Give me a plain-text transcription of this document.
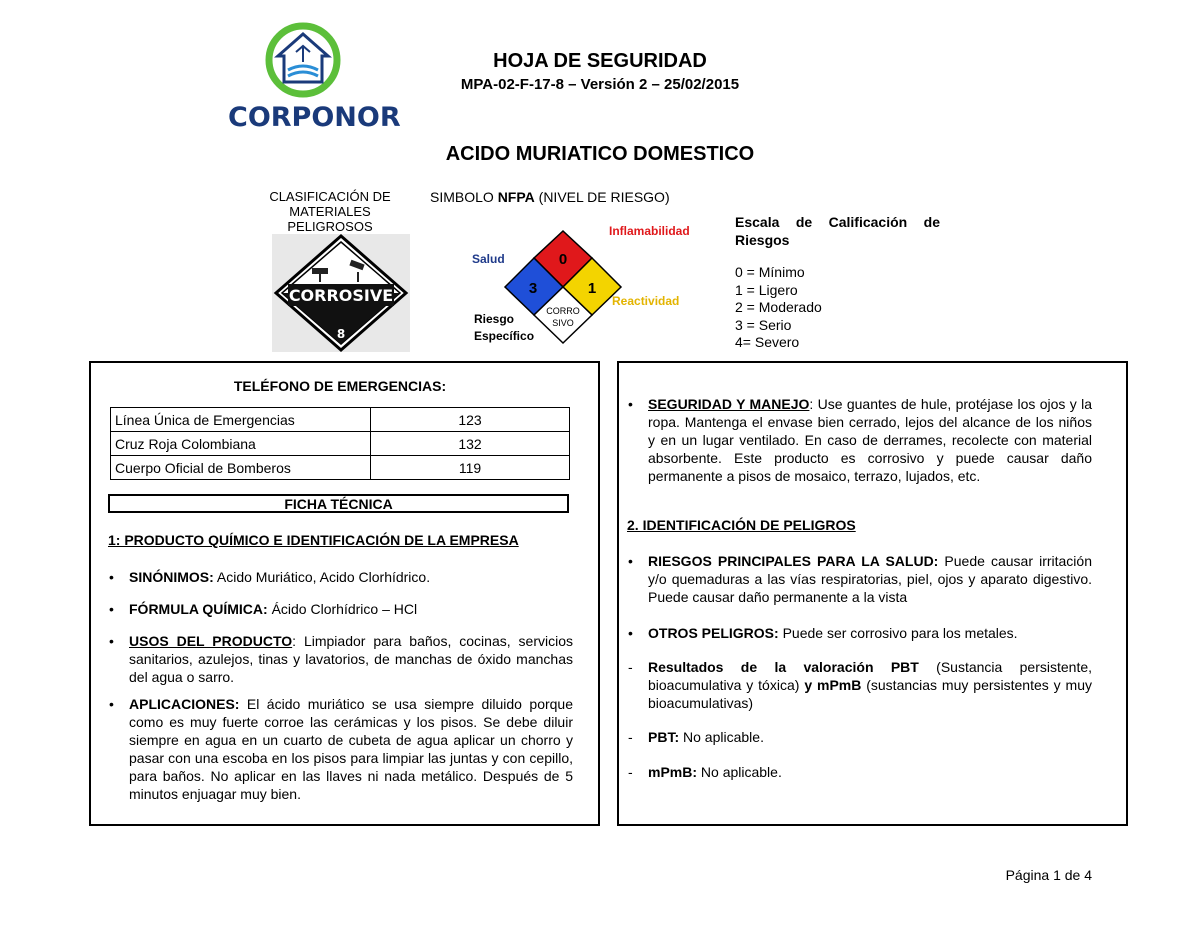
CORPONOR
HOJA DE SEGURIDAD
MPA-02-F-17-8 – Versión 2 – 25/02/2015
ACIDO MURIATICO DOMESTICO
CLASIFICACIÓN DE MATERIALES PELIGROSOS
CORROSIVE
8
SIMBOLO NFPA (NIVEL DE RIESGO)
0
3	1
CORRO
SIVO
Inflamabilidad
Salud
Reactividad
Riesgo
Específico
Escala de Calificación de Riesgos
0 = Mínimo
1 = Ligero
2 = Moderado
3 = Serio
4= Severo
TELÉFONO DE EMERGENCIAS:
Línea Única de Emergencias	123
Cruz Roja Colombiana	132
Cuerpo Oficial de Bomberos	119
FICHA TÉCNICA
1: PRODUCTO QUÍMICO E IDENTIFICACIÓN DE LA EMPRESA
• SINÓNIMOS: Acido Muriático, Acido Clorhídrico.
• FÓRMULA QUÍMICA: Ácido Clorhídrico – HCl
• USOS DEL PRODUCTO: Limpiador para baños, cocinas, servicios sanitarios, azulejos, tinas y lavatorios, de manchas de óxido manchas del agua o sarro.
• APLICACIONES: El ácido muriático se usa siempre diluido porque como es muy fuerte corroe las cerámicas y los pisos. Se debe diluir siempre en agua en un cuarto de cubeta de agua aplicar un chorro y pasar con una escoba en los pisos para limpiar las juntas y con cepillo, para baños. No aplicar en las llaves ni nada metálico. Después de 5 minutos enjuagar muy bien.
• SEGURIDAD Y MANEJO: Use guantes de hule, protéjase los ojos y la ropa. Mantenga el envase bien cerrado, lejos del alcance de los niños y en un lugar ventilado. En caso de derrames, recolecte con material absorbente. Este producto es corrosivo y puede causar daño permanente a pisos de mosaico, terrazo, lujados, etc.
2. IDENTIFICACIÓN DE PELIGROS
• RIESGOS PRINCIPALES PARA LA SALUD: Puede causar irritación y/o quemaduras a las vías respiratorias, piel, ojos y aparato digestivo. Puede causar daño permanente a la vista
• OTROS PELIGROS: Puede ser corrosivo para los metales.
- Resultados de la valoración PBT (Sustancia persistente, bioacumulativa y tóxica) y mPmB (sustancias muy persistentes y muy bioacumulativas)
- PBT: No aplicable.
- mPmB: No aplicable.
Página 1 de 4
